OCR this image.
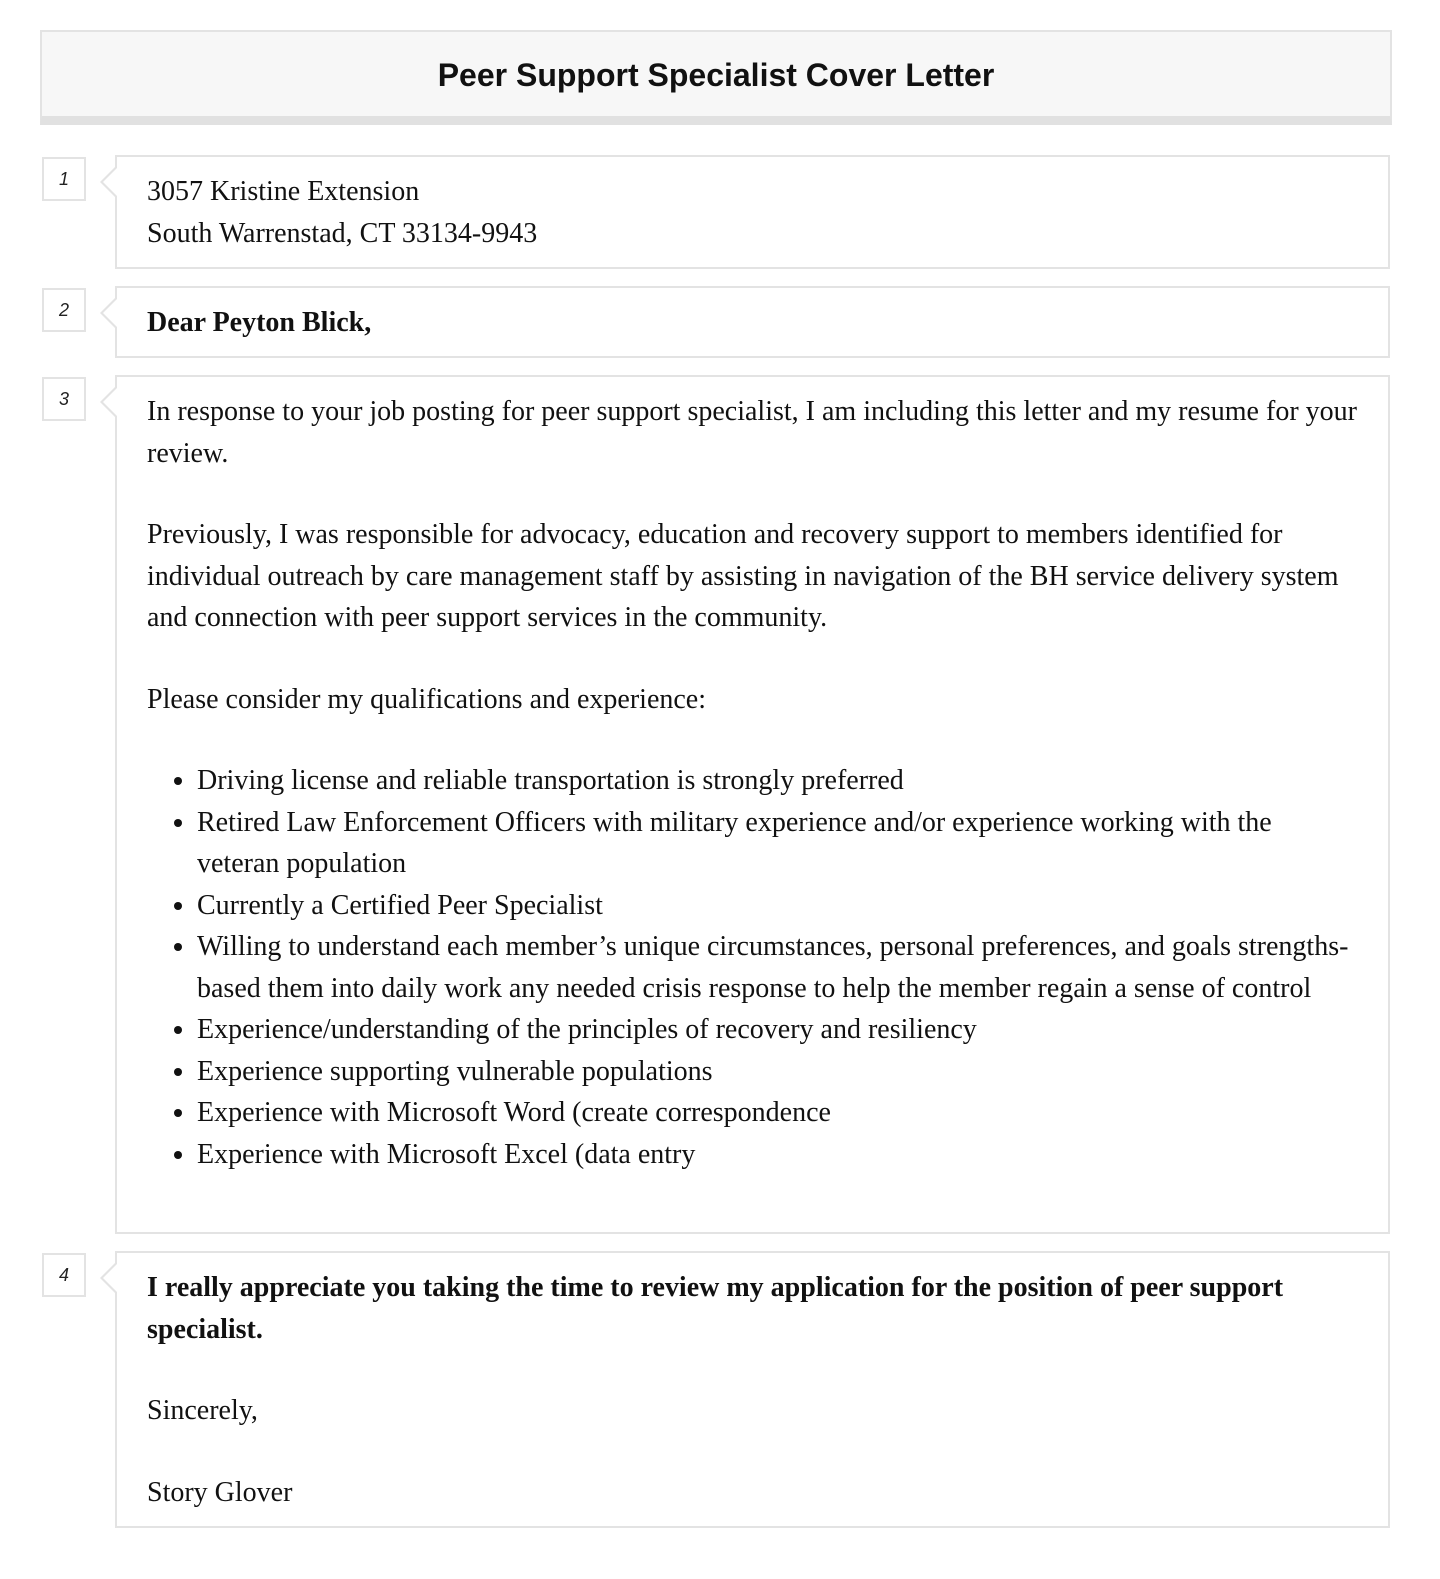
Peer Support Specialist Cover Letter
1	3057 Kristine Extension
South Warrenstad, CT 33134-9943
2	Dear Peyton Blick,
3	In response to your job posting for peer support specialist, I am including this letter and my resume for your review.

Previously, I was responsible for advocacy, education and recovery support to members identified for individual outreach by care management staff by assisting in navigation of the BH service delivery system and connection with peer support services in the community.

Please consider my qualifications and experience:

• Driving license and reliable transportation is strongly preferred
• Retired Law Enforcement Officers with military experience and/or experience working with the veteran population
• Currently a Certified Peer Specialist
• Willing to understand each member’s unique circumstances, personal preferences, and goals strengths-based them into daily work any needed crisis response to help the member regain a sense of control
• Experience/understanding of the principles of recovery and resiliency
• Experience supporting vulnerable populations
• Experience with Microsoft Word (create correspondence
• Experience with Microsoft Excel (data entry
4	I really appreciate you taking the time to review my application for the position of peer support specialist.

Sincerely,

Story Glover
